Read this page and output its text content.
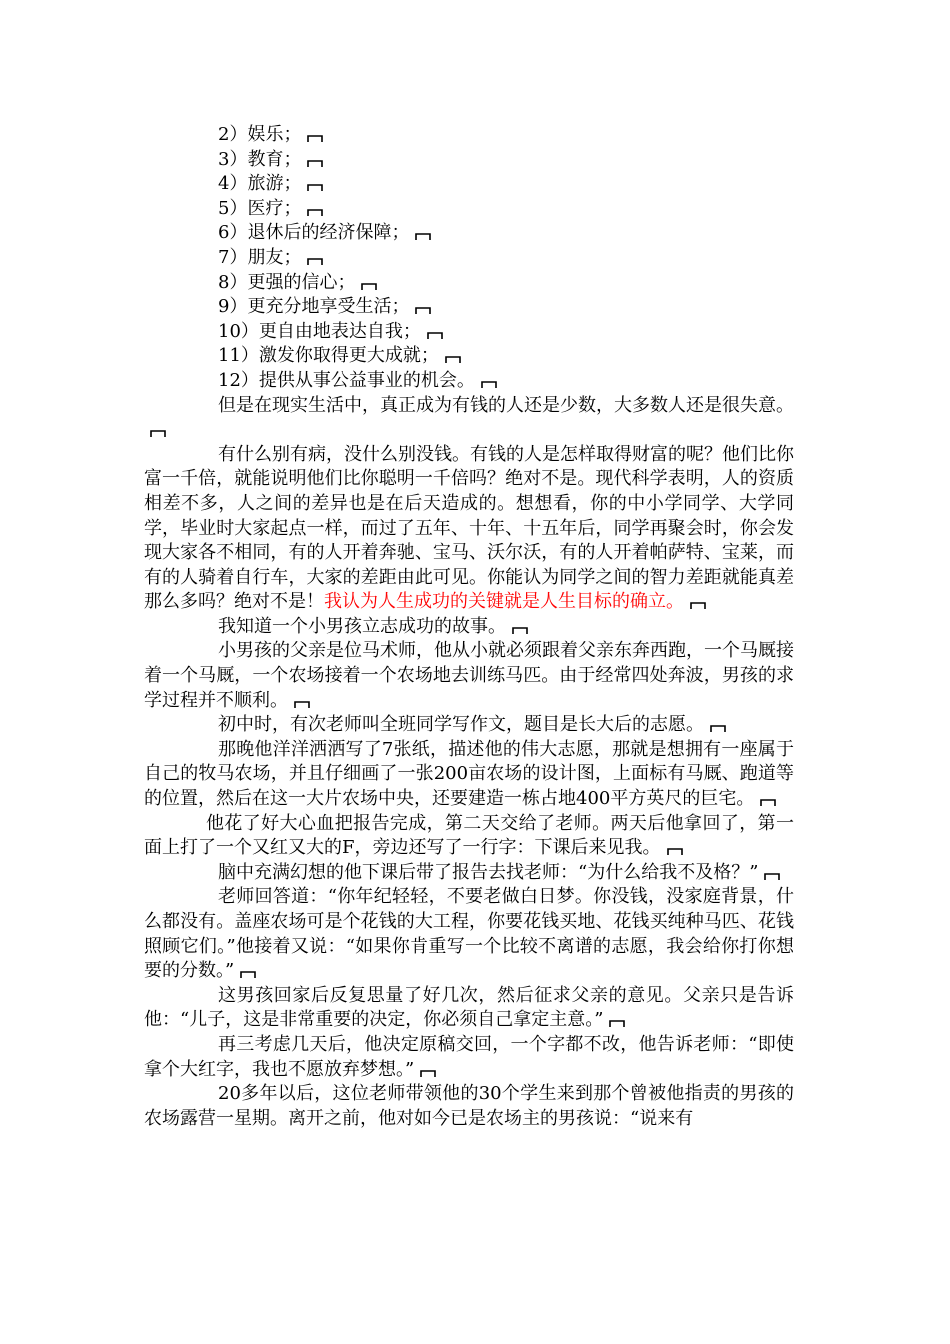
2）娱乐；

3）教育；

4）旅游；

5）医疗；

6）退休后的经济保障；

7）朋友；

8）更强的信心；

9）更充分地享受生活；

10）更自由地表达自我；

11）激发你取得更大成就；

12）提供从事公益事业的机会。

但是在现实生活中，真正成为有钱的人还是少数，大多数人还是很失意。

有什么别有病，没什么别没钱。有钱的人是怎样取得财富的呢？他们比你富一千倍，就能说明他们比你聪明一千倍吗？绝对不是。现代科学表明，人的资质相差不多，人之间的差异也是在后天造成的。想想看，你的中小学同学、大学同学，毕业时大家起点一样，而过了五年、十年、十五年后，同学再聚会时，你会发现大家各不相同，有的人开着奔驰、宝马、沃尔沃，有的人开着帕萨特、宝莱，而有的人骑着自行车，大家的差距由此可见。你能认为同学之间的智力差距就能真差那么多吗？绝对不是！我认为人生成功的关键就是人生目标的确立。

我知道一个小男孩立志成功的故事。

小男孩的父亲是位马术师，他从小就必须跟着父亲东奔西跑，一个马厩接着一个马厩，一个农场接着一个农场地去训练马匹。由于经常四处奔波，男孩的求学过程并不顺利。

初中时，有次老师叫全班同学写作文，题目是长大后的志愿。

那晚他洋洋洒洒写了7张纸，描述他的伟大志愿，那就是想拥有一座属于自己的牧马农场，并且仔细画了一张200亩农场的设计图，上面标有马厩、跑道等的位置，然后在这一大片农场中央，还要建造一栋占地400平方英尺的巨宅。

他花了好大心血把报告完成，第二天交给了老师。两天后他拿回了，第一面上打了一个又红又大的F，旁边还写了一行字：下课后来见我。

脑中充满幻想的他下课后带了报告去找老师：“为什么给我不及格？”

老师回答道：“你年纪轻轻，不要老做白日梦。你没钱，没家庭背景，什么都没有。盖座农场可是个花钱的大工程，你要花钱买地、花钱买纯种马匹、花钱照顾它们。”他接着又说：“如果你肯重写一个比较不离谱的志愿，我会给你打你想要的分数。”

这男孩回家后反复思量了好几次，然后征求父亲的意见。父亲只是告诉他：“儿子，这是非常重要的决定，你必须自己拿定主意。”

再三考虑几天后，他决定原稿交回，一个字都不改，他告诉老师：“即使拿个大红字，我也不愿放弃梦想。”

20多年以后，这位老师带领他的30个学生来到那个曾被他指责的男孩的农场露营一星期。离开之前，他对如今已是农场主的男孩说：“说来有
